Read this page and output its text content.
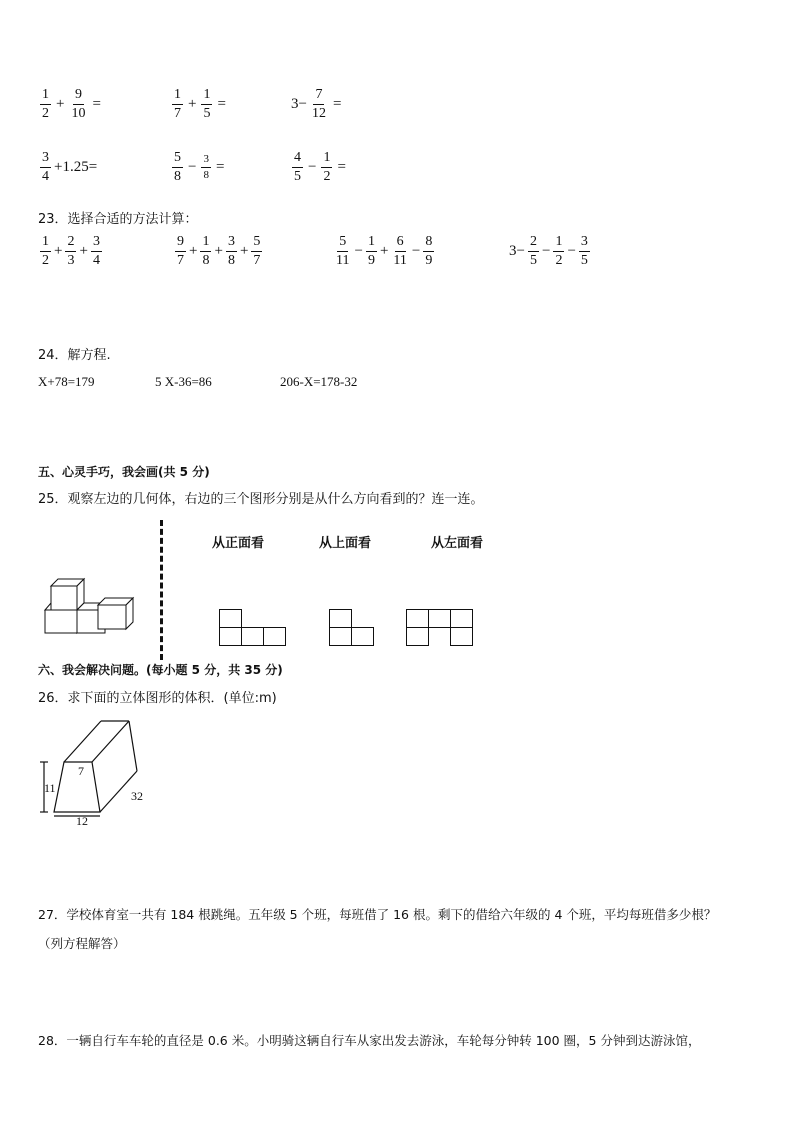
$\frac{1}{2} + \frac{9}{10}$ =	$\frac{1}{7} + \frac{1}{5}$ =	$3- \frac{7}{12}$ =
$\frac{3}{4} +1.25=$	$\frac{5}{8} - \frac{3}{8}$ =	$\frac{4}{5} - \frac{1}{2}$ =
23．选择合适的方法计算：
$\frac{1}{2} + \frac{2}{3} + \frac{3}{4}$	$\frac{9}{7} + \frac{1}{8} + \frac{3}{8} + \frac{5}{7}$	$\frac{5}{11} - \frac{1}{9} + \frac{6}{11} - \frac{8}{9}$	$3- \frac{2}{5} - \frac{1}{2} - \frac{3}{5}$
24．解方程.
X+78=179	5 X-36=86	206-X=178-32
五、心灵手巧，我会画(共 5 分)
25．观察左边的几何体，右边的三个图形分别是从什么方向看到的？连一连。
从正面看	从上面看	从左面看
六、我会解决问题。(每小题 5 分，共 35 分)
26．求下面的立体图形的体积．(单位:m)
11
7
12
32
27．学校体育室一共有 184 根跳绳。五年级 5 个班，每班借了 16 根。剩下的借给六年级的 4 个班，平均每班借多少根？
（列方程解答）
28．一辆自行车车轮的直径是 0.6 米。小明骑这辆自行车从家出发去游泳，车轮每分钟转 100 圈，5 分钟到达游泳馆，
